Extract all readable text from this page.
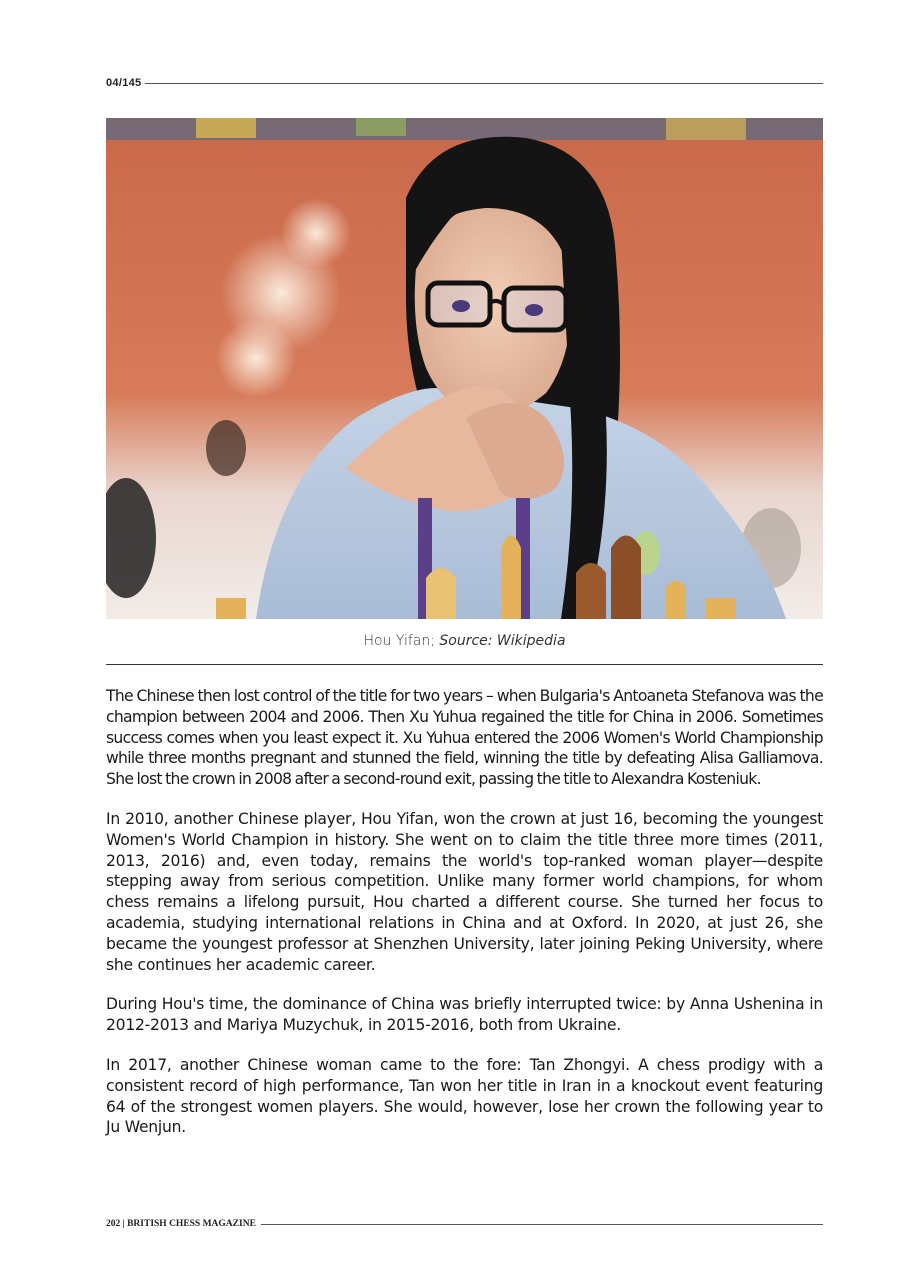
04/145
Hou Yifan; Source: Wikipedia

The Chinese then lost control of the title for two years – when Bulgaria's Antoaneta Stefanova was the champion between 2004 and 2006. Then Xu Yuhua regained the title for China in 2006. Sometimes success comes when you least expect it. Xu Yuhua entered the 2006 Women's World Championship while three months pregnant and stunned the field, winning the title by defeating Alisa Galliamova. She lost the crown in 2008 after a second-round exit, passing the title to Alexandra Kosteniuk.

In 2010, another Chinese player, Hou Yifan, won the crown at just 16, becoming the youngest Women's World Champion in history. She went on to claim the title three more times (2011, 2013, 2016) and, even today, remains the world's top-ranked woman player—despite stepping away from serious competition. Unlike many former world champions, for whom chess remains a lifelong pursuit, Hou charted a different course. She turned her focus to academia, studying international relations in China and at Oxford. In 2020, at just 26, she became the youngest professor at Shenzhen University, later joining Peking University, where she continues her academic career.

During Hou's time, the dominance of China was briefly interrupted twice: by Anna Ushenina in 2012-2013 and Mariya Muzychuk, in 2015-2016, both from Ukraine.

In 2017, another Chinese woman came to the fore: Tan Zhongyi. A chess prodigy with a consistent record of high performance, Tan won her title in Iran in a knockout event featuring 64 of the strongest women players. She would, however, lose her crown the following year to Ju Wenjun.

202 | BRITISH CHESS MAGAZINE
